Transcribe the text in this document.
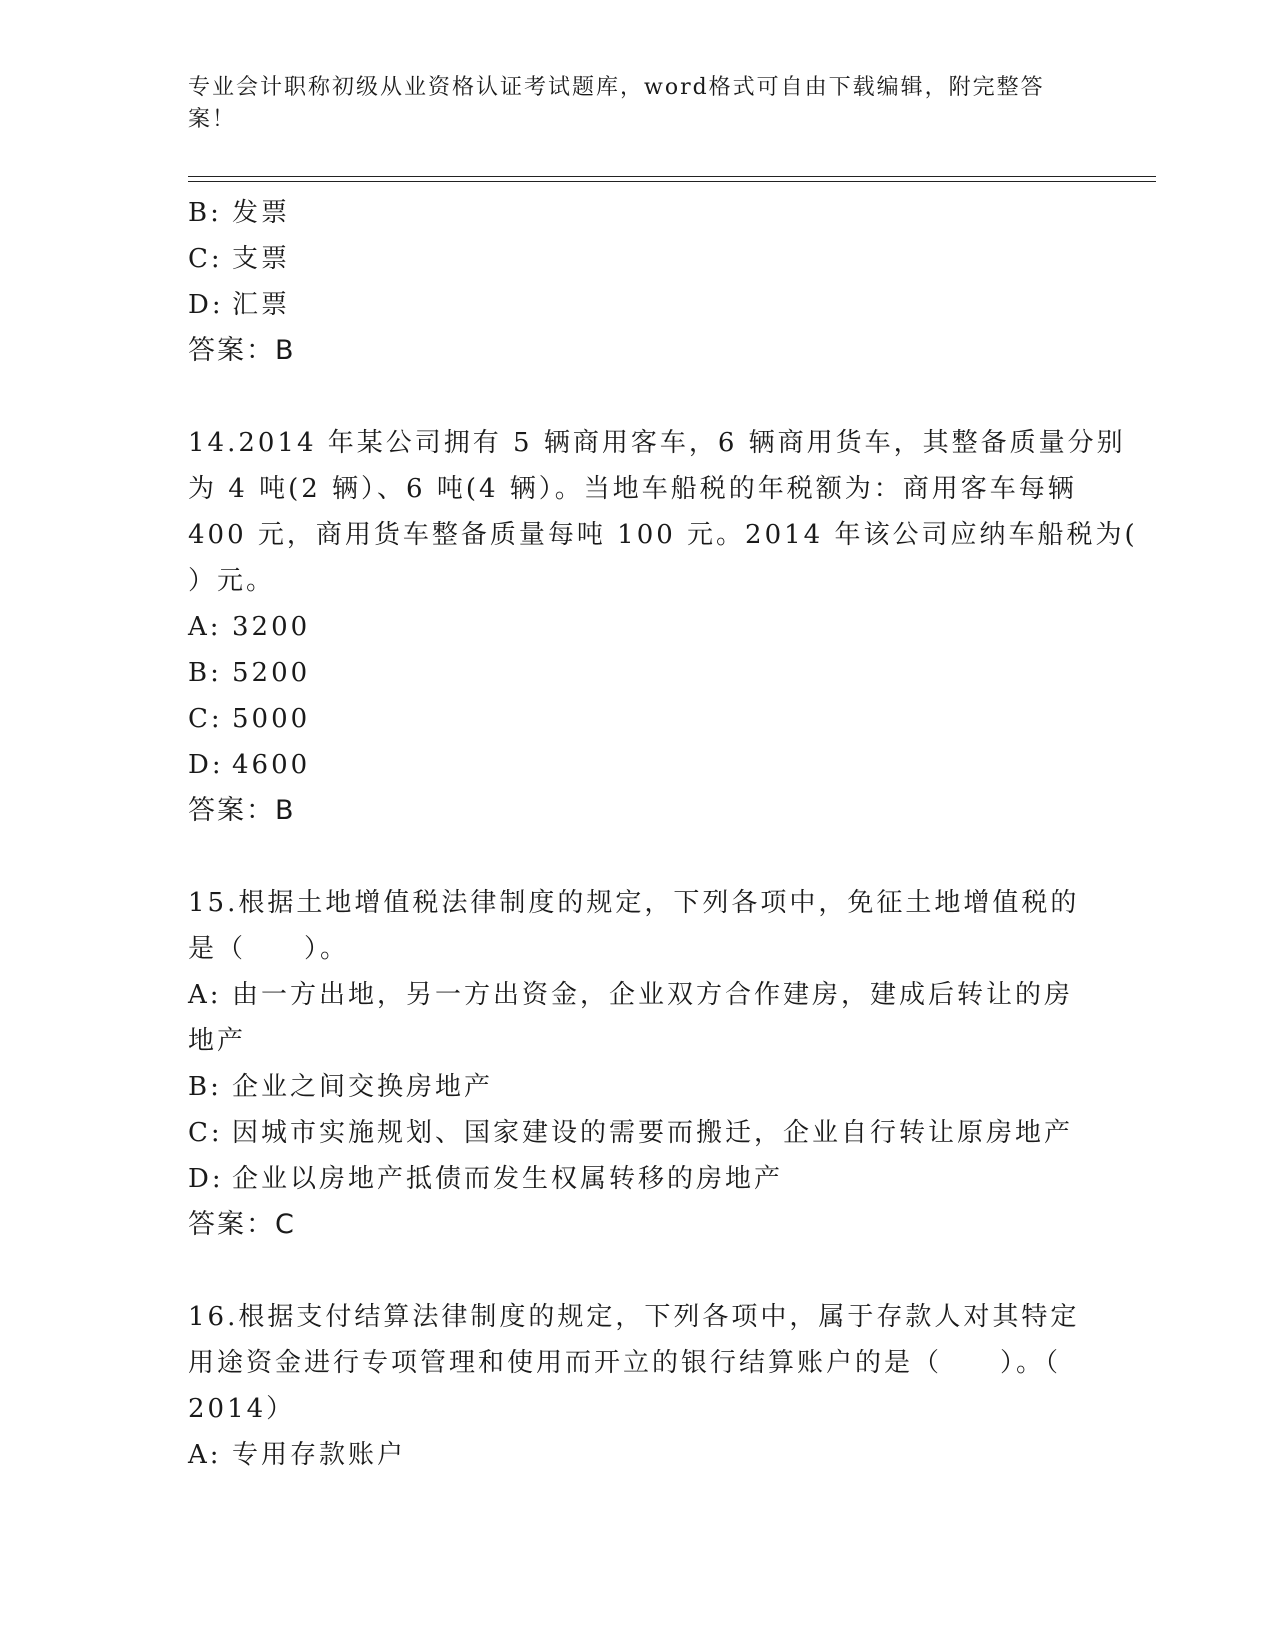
专业会计职称初级从业资格认证考试题库，word格式可自由下载编辑，附完整答
案！
B: 发票
C: 支票
D: 汇票
答案：B
14.2014 年某公司拥有 5 辆商用客车，6 辆商用货车，其整备质量分别
为 4 吨(2 辆）、6 吨(4 辆）。当地车船税的年税额为：商用客车每辆
400 元，商用货车整备质量每吨 100 元。2014 年该公司应纳车船税为(
）元。
A: 3200
B: 5200
C: 5000
D: 4600
答案：B
15.根据土地增值税法律制度的规定，下列各项中，免征土地增值税的
是（　　）。
A: 由一方出地，另一方出资金，企业双方合作建房，建成后转让的房
地产
B: 企业之间交换房地产
C: 因城市实施规划、国家建设的需要而搬迁，企业自行转让原房地产
D: 企业以房地产抵债而发生权属转移的房地产
答案：C
16.根据支付结算法律制度的规定，下列各项中，属于存款人对其特定
用途资金进行专项管理和使用而开立的银行结算账户的是（　　）。（
2014）
A: 专用存款账户
